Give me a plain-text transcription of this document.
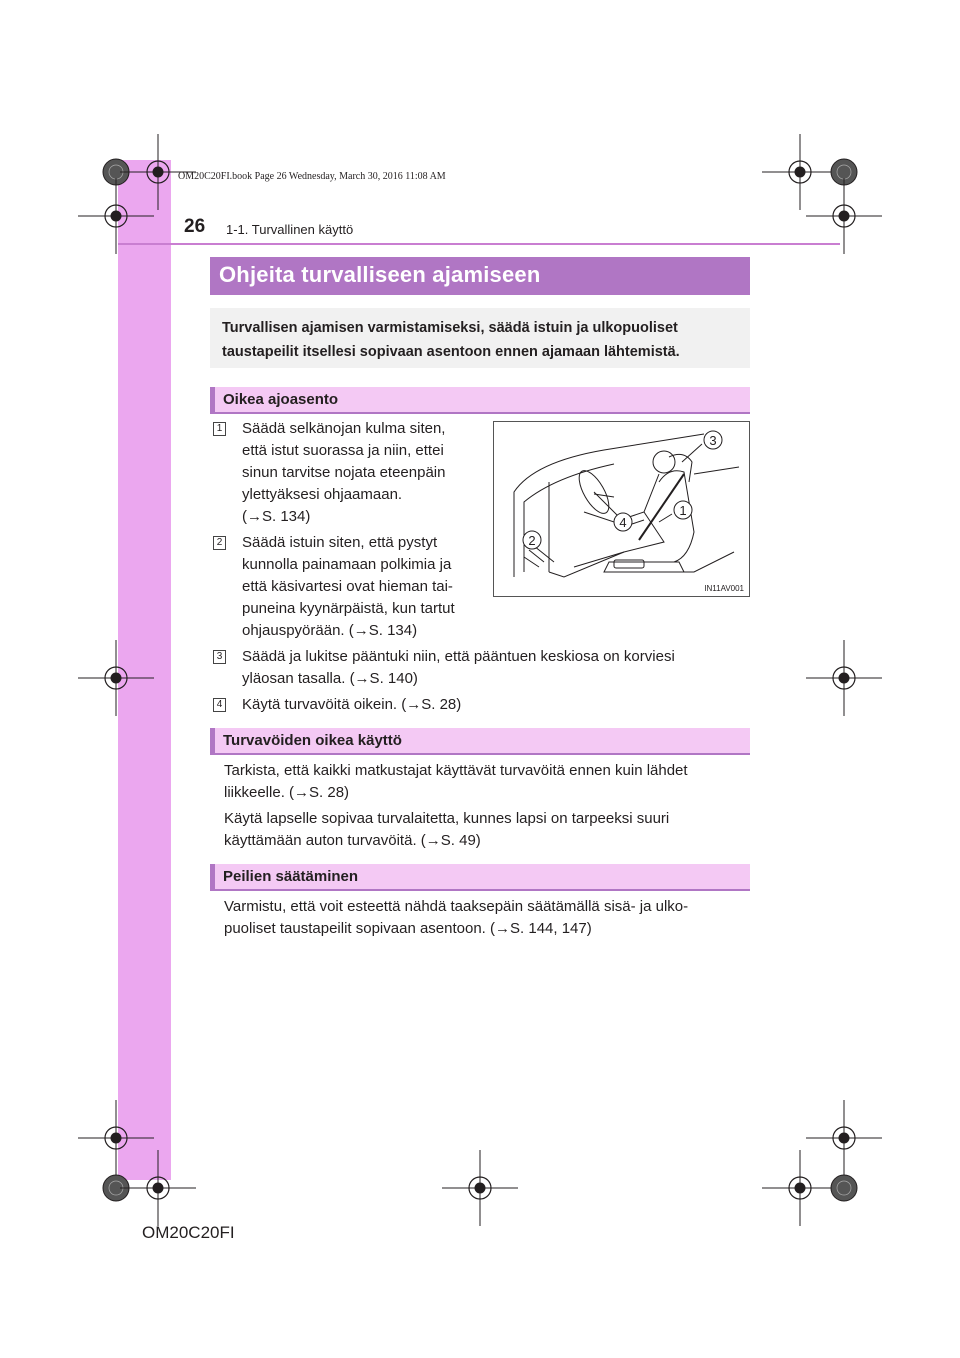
OM20C20FI.book Page 26 Wednesday, March 30, 2016 11:08 AM
26 1-1. Turvallinen käyttö
Ohjeita turvalliseen ajamiseen
Turvallisen ajamisen varmistamiseksi, säädä istuin ja ulkopuoliset
taustapeilit itsellesi sopivaan asentoon ennen ajamaan lähtemistä.
Oikea ajoasento
1 Säädä selkänojan kulma siten,
että istut suorassa ja niin, ettei
sinun tarvitse nojata eteenpäin
ylettyäksesi ohjaamaan.
(→S. 134)
2 Säädä istuin siten, että pystyt
kunnolla painamaan polkimia ja
että käsivartesi ovat hieman tai-
puneina kyynärpäistä, kun tartut
ohjauspyörään. (→S. 134)
3 Säädä ja lukitse pääntuki niin, että pääntuen keskiosa on korviesi
yläosan tasalla. (→S. 140)
4 Käytä turvavöitä oikein. (→S. 28)
3
1
4
2
IN11AV001
Turvavöiden oikea käyttö
Tarkista, että kaikki matkustajat käyttävät turvavöitä ennen kuin lähdet
liikkeelle. (→S. 28)
Käytä lapselle sopivaa turvalaitetta, kunnes lapsi on tarpeeksi suuri
käyttämään auton turvavöitä. (→S. 49)
Peilien säätäminen
Varmistu, että voit esteettä nähdä taaksepäin säätämällä sisä- ja ulko-
puoliset taustapeilit sopivaan asentoon. (→S. 144, 147)
OM20C20FI
